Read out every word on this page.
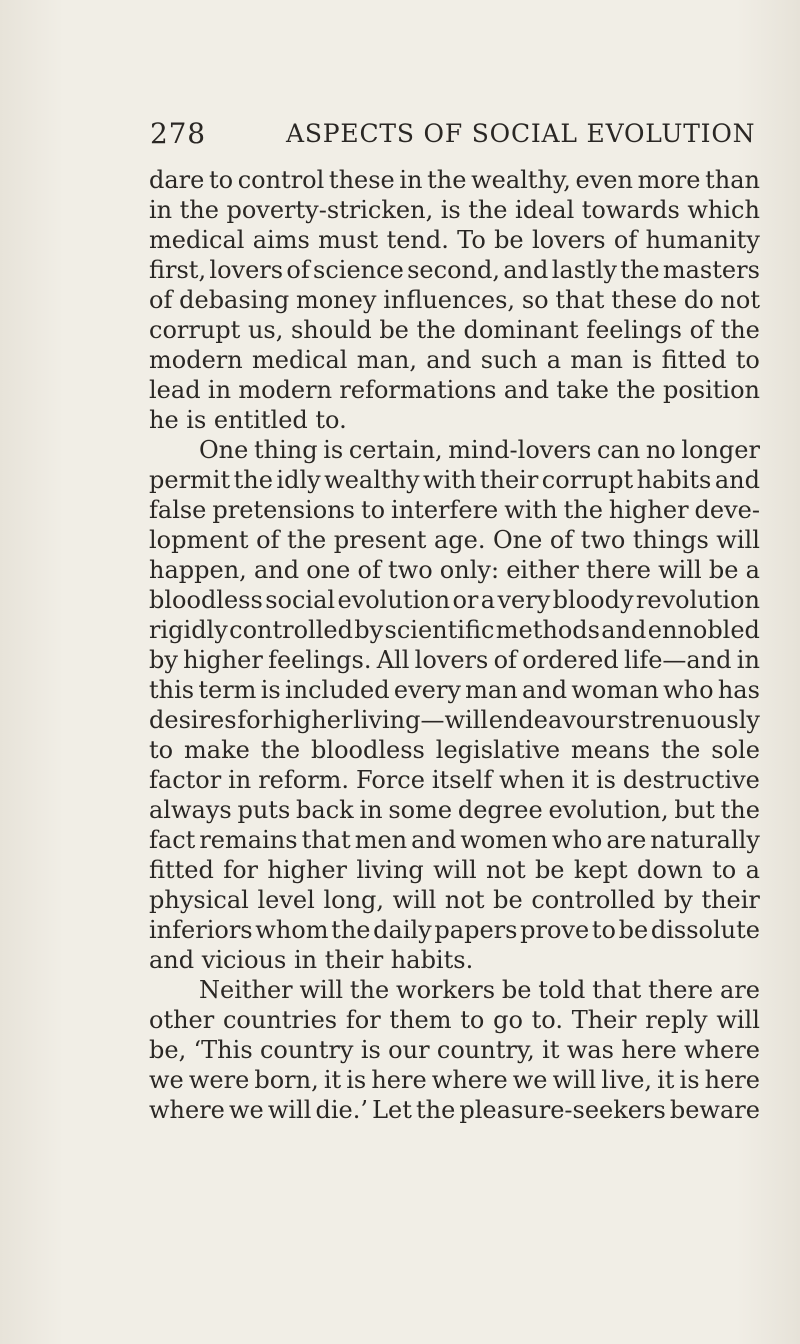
278	ASPECTS OF SOCIAL EVOLUTION
dare to control these in the wealthy, even more than
in the poverty-stricken, is the ideal towards which
medical aims must tend. To be lovers of humanity
first, lovers of science second, and lastly the masters
of debasing money influences, so that these do not
corrupt us, should be the dominant feelings of the
modern medical man, and such a man is fitted to
lead in modern reformations and take the position
he is entitled to.
One thing is certain, mind-lovers can no longer
permit the idly wealthy with their corrupt habits and
false pretensions to interfere with the higher deve-
lopment of the present age. One of two things will
happen, and one of two only: either there will be a
bloodless social evolution or a very bloody revolution
rigidly controlled by scientific methods and ennobled
by higher feelings. All lovers of ordered life—and in
this term is included every man and woman who has
desires for higher living—will endeavour strenuously
to make the bloodless legislative means the sole
factor in reform. Force itself when it is destructive
always puts back in some degree evolution, but the
fact remains that men and women who are naturally
fitted for higher living will not be kept down to a
physical level long, will not be controlled by their
inferiors whom the daily papers prove to be dissolute
and vicious in their habits.
Neither will the workers be told that there are
other countries for them to go to. Their reply will
be, ‘This country is our country, it was here where
we were born, it is here where we will live, it is here
where we will die.’ Let the pleasure-seekers beware
